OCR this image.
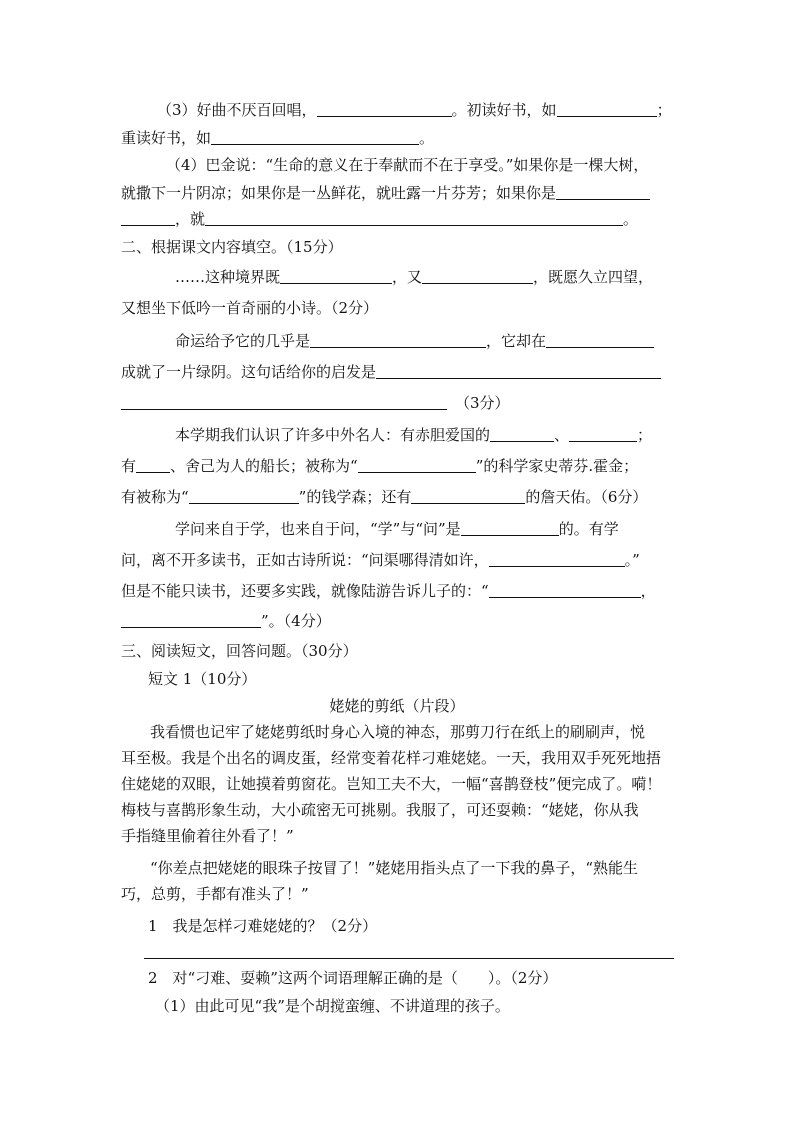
（3）好曲不厌百回唱，	。初读好书，如	；
重读好书，如	。
（4）巴金说：“生命的意义在于奉献而不在于享受。”如果你是一棵大树，
就撒下一片阴凉；如果你是一丛鲜花，就吐露一片芬芳；如果你是
，就	。
二、根据课文内容填空。（15分）
……这种境界既	，又	，既愿久立四望，
又想坐下低吟一首奇丽的小诗。（2分）
命运给予它的几乎是	，它却在
成就了一片绿阴。这句话给你的启发是
（3分）
本学期我们认识了许多中外名人：有赤胆爱国的	、	；
有 、舍己为人的船长；被称为“	”的科学家史蒂芬.霍金；
有被称为“	”的钱学森；还有	的詹天佑。（6分）
学问来自于学，也来自于问，“学”与“问”是	的。有学
问，离不开多读书，正如古诗所说：“问渠哪得清如许，	。”
但是不能只读书，还要多实践，就像陆游告诉儿子的：“	，
”。（4分）
三、阅读短文，回答问题。（30分）
短文 1（10分）
姥姥的剪纸（片段）
我看惯也记牢了姥姥剪纸时身心入境的神态，那剪刀行在纸上的刷刷声，悦
耳至极。我是个出名的调皮蛋，经常变着花样刁难姥姥。一天，我用双手死死地捂
住姥姥的双眼，让她摸着剪窗花。岂知工夫不大，一幅“喜鹊登枝”便完成了。嗬！
梅枝与喜鹊形象生动，大小疏密无可挑剔。我服了，可还耍赖：“姥姥，你从我
手指缝里偷着往外看了！”
“你差点把姥姥的眼珠子按冒了！”姥姥用指头点了一下我的鼻子，“熟能生
巧，总剪，手都有准头了！”
1　我是怎样刁难姥姥的？（2分）
2　对“刁难、耍赖”这两个词语理解正确的是（　　）。（2分）
（1）由此可见“我”是个胡搅蛮缠、不讲道理的孩子。
